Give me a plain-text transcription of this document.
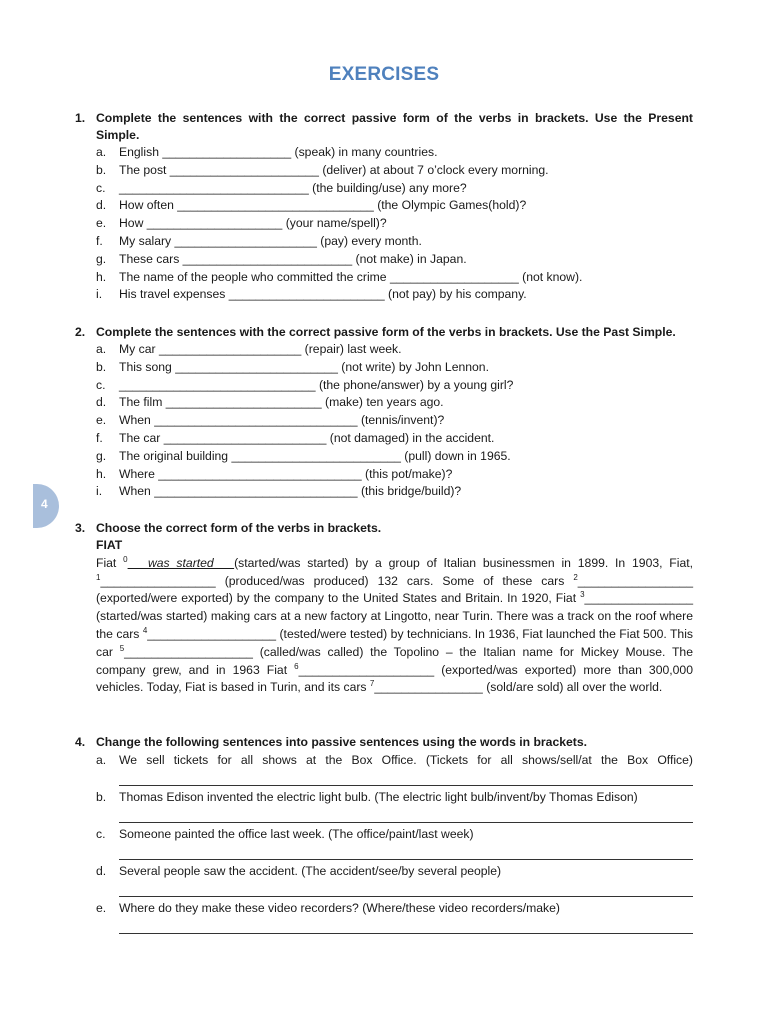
EXERCISES
4
1. Complete the sentences with the correct passive form of the verbs in brackets. Use the Present Simple.
a.	English ___________________ (speak) in many countries.
b.	The post ______________________ (deliver) at about 7 o’clock every morning.
c.	____________________________ (the building/use) any more?
d.	How often _____________________________ (the Olympic Games(hold)?
e.	How ____________________ (your name/spell)?
f.	My salary _____________________ (pay) every month.
g.	These cars _________________________ (not make) in Japan.
h.	The name of the people who committed the crime ___________________ (not know).
i.	His travel expenses _______________________ (not pay) by his company.
2. Complete the sentences with the correct passive form of the verbs in brackets. Use the Past Simple.
a.	My car _____________________ (repair) last week.
b.	This song ________________________ (not write) by John Lennon.
c.	_____________________________ (the phone/answer) by a young girl?
d.	The film _______________________ (make) ten years ago.
e.	When ______________________________ (tennis/invent)?
f.	The car ________________________ (not damaged) in the accident.
g.	The original building _________________________ (pull) down in 1965.
h.	Where ______________________________ (this pot/make)?
i.	When ______________________________ (this bridge/build)?
3. Choose the correct form of the verbs in brackets.
FIAT
Fiat $^0$   was started   (started/was started) by a group of Italian businessmen in 1899. In 1903, Fiat, $^1$_________________ (produced/was produced) 132 cars. Some of these cars $^2$_________________ (exported/were exported) by the company to the United States and Britain. In 1920, Fiat $^3$________________ (started/was started) making cars at a new factory at Lingotto, near Turin. There was a track on the roof where the cars $^4$___________________ (tested/were tested) by technicians. In 1936, Fiat launched the Fiat 500. This car $^5$___________________ (called/was called) the Topolino – the Italian name for Mickey Mouse. The company grew, and in 1963 Fiat $^6$____________________ (exported/was exported) more than 300,000 vehicles. Today, Fiat is based in Turin, and its cars $^7$________________ (sold/are sold) all over the world.
4. Change the following sentences into passive sentences using the words in brackets.
a.	We sell tickets for all shows at the Box Office. (Tickets for all shows/sell/at the Box Office)
b.	Thomas Edison invented the electric light bulb. (The electric light bulb/invent/by Thomas Edison)
c.	Someone painted the office last week. (The office/paint/last week)
d.	Several people saw the accident. (The accident/see/by several people)
e.	Where do they make these video recorders? (Where/these video recorders/make)
